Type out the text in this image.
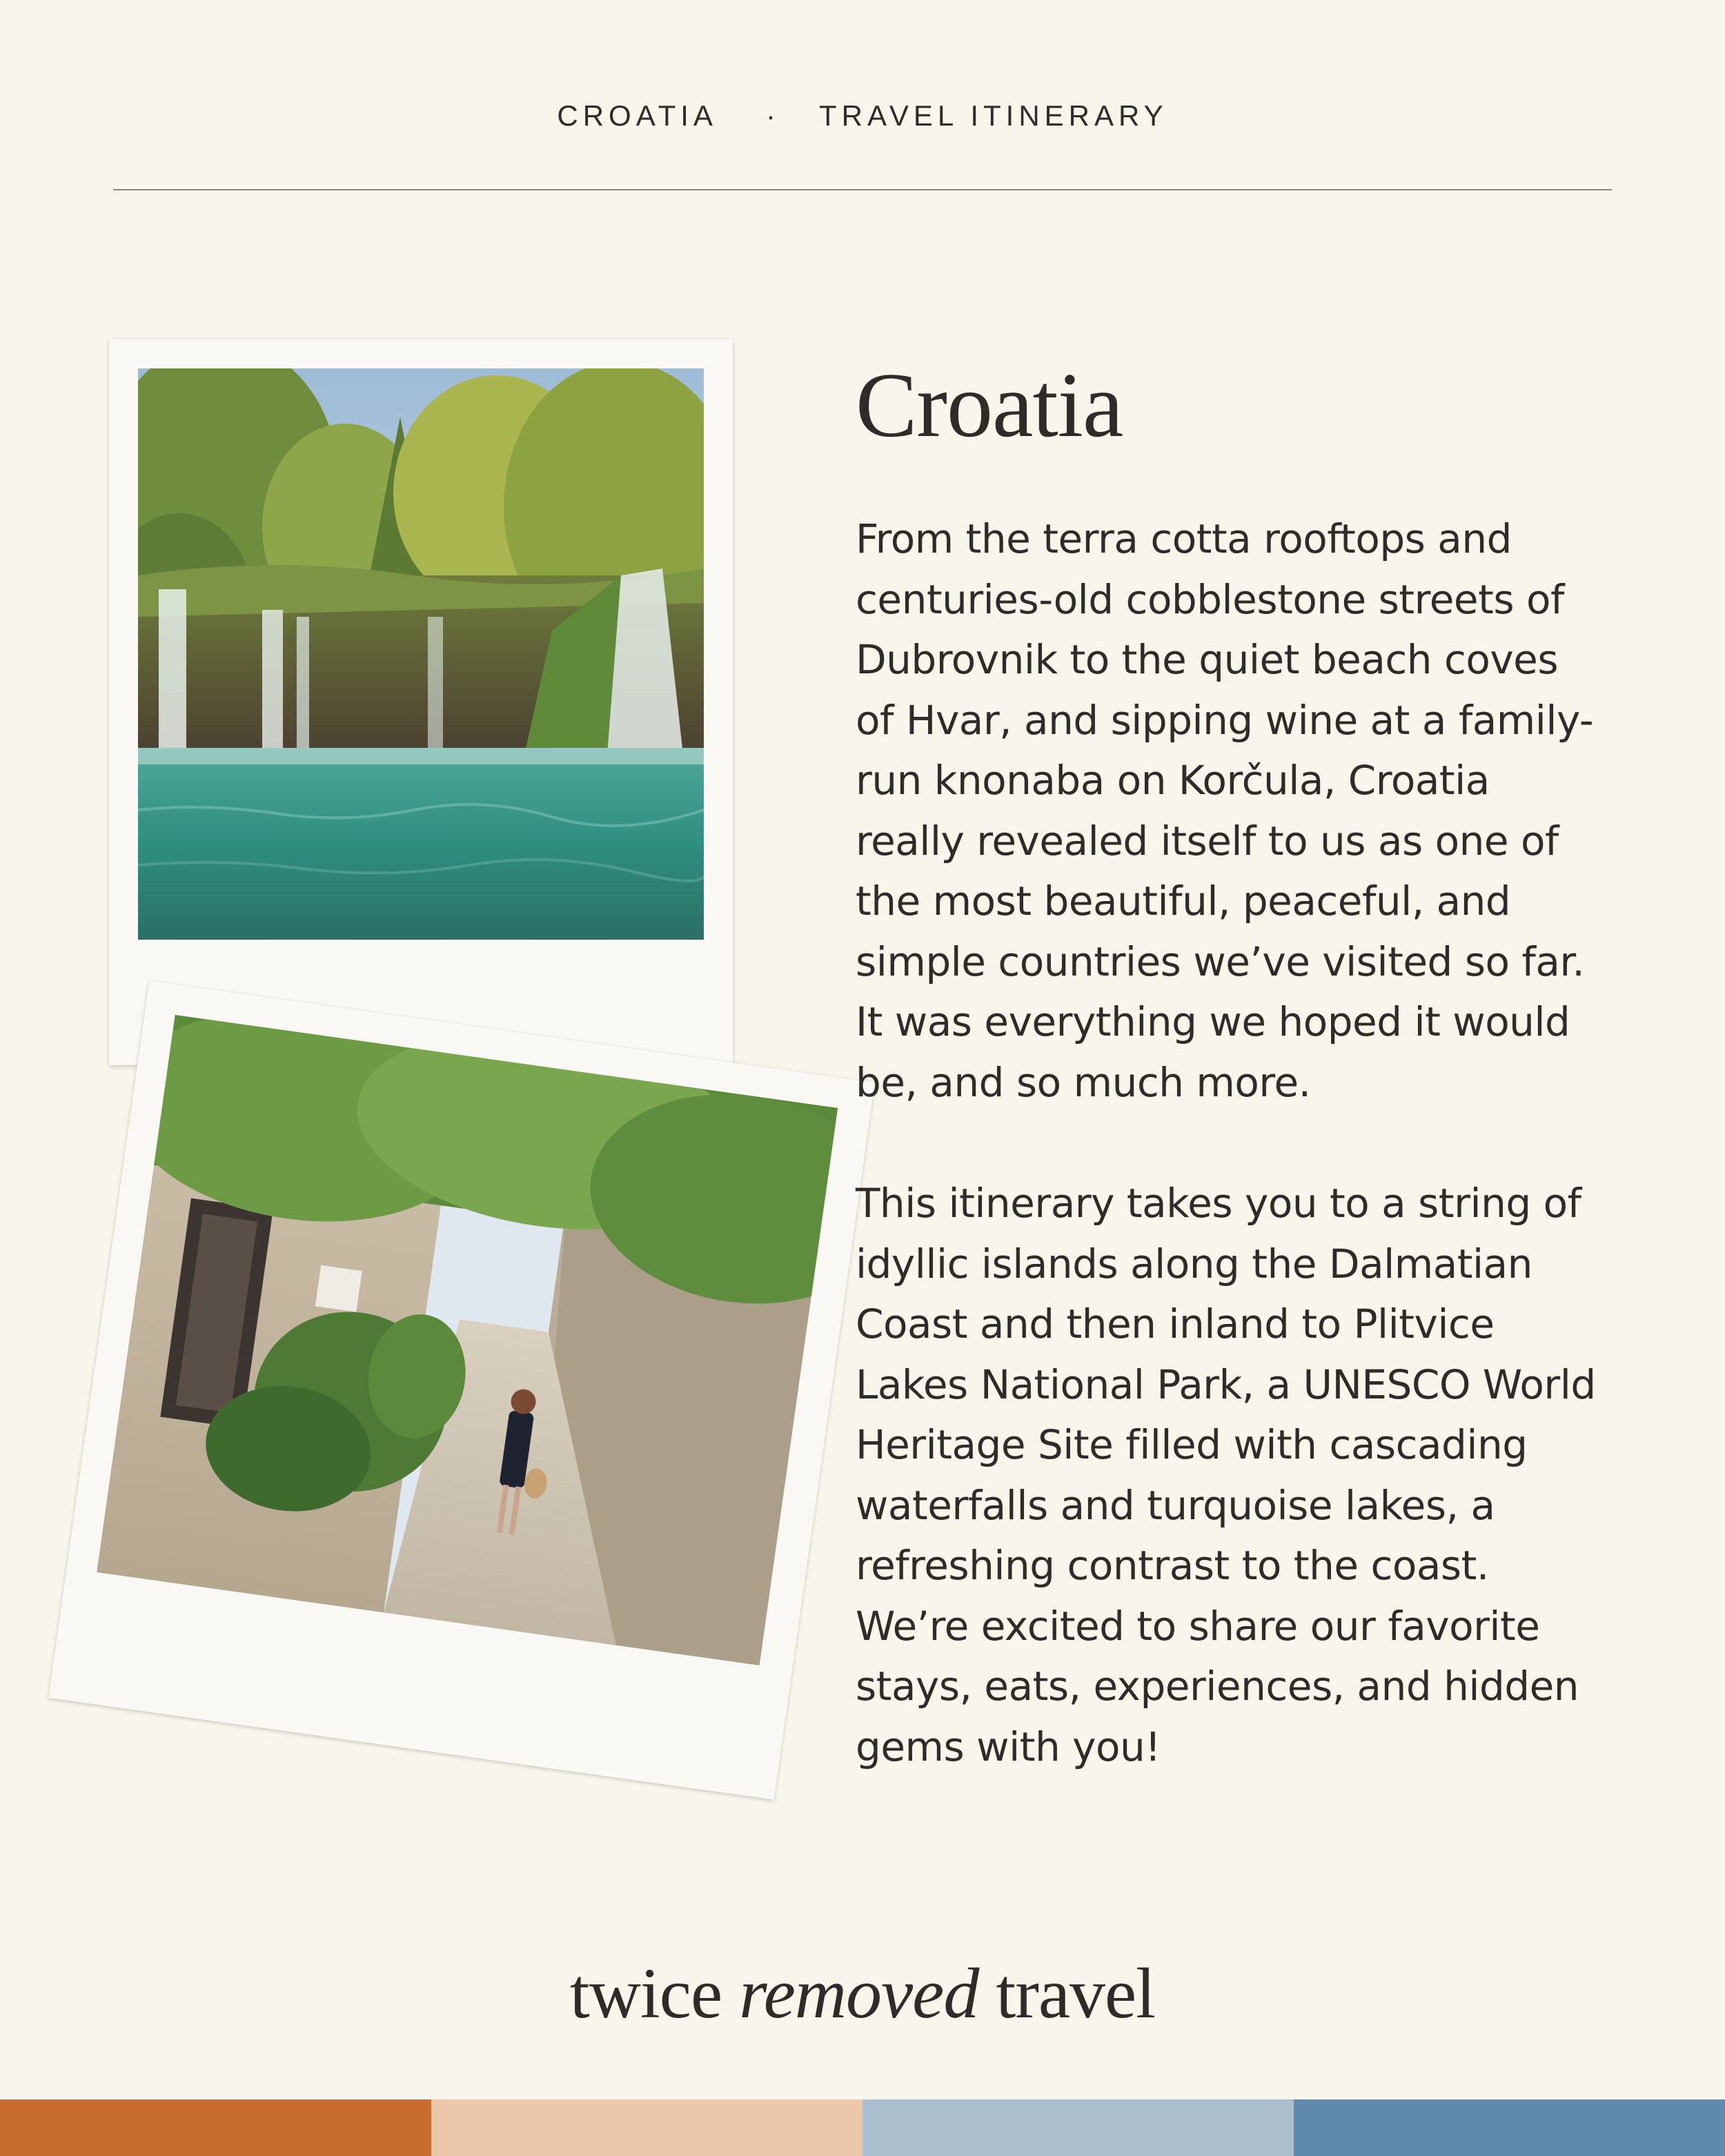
CROATIA · TRAVEL ITINERARY
Croatia
From the terra cotta rooftops and centuries-old cobblestone streets of Dubrovnik to the quiet beach coves of Hvar, and sipping wine at a family-run knonaba on Korčula, Croatia really revealed itself to us as one of the most beautiful, peaceful, and simple countries we’ve visited so far. It was everything we hoped it would be, and so much more.
This itinerary takes you to a string of idyllic islands along the Dalmatian Coast and then inland to Plitvice Lakes National Park, a UNESCO World Heritage Site filled with cascading waterfalls and turquoise lakes, a refreshing contrast to the coast. We’re excited to share our favorite stays, eats, experiences, and hidden gems with you!
twice removed travel
